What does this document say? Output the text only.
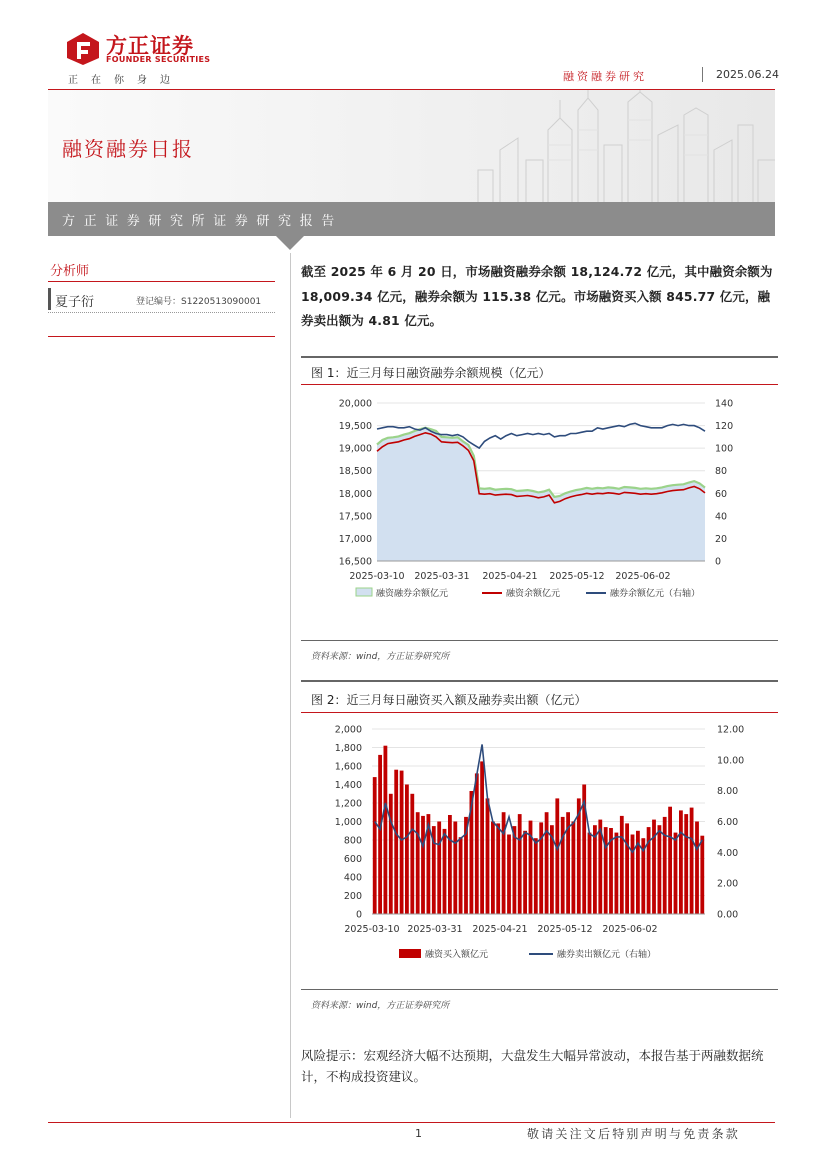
方正证券
FOUNDER SECURITIES
正在你身边	融资融券研究	2025.06.24
融资融券日报
方正证券研究所证券研究报告
分析师
夏子衍	登记编号：S1220513090001
截至 2025 年 6 月 20 日，市场融资融券余额 18,124.72 亿元，其中融资余额为 18,009.34 亿元，融券余额为 115.38 亿元。市场融资买入额 845.77 亿元，融券卖出额为 4.81 亿元。
图 1：近三月每日融资融券余额规模（亿元）
20,000
19,500
19,000
18,500
18,000
17,500
17,000
16,500
140
120
100
80
60
40
20
0
2025-03-10 2025-03-31 2025-04-21 2025-05-12 2025-06-02
融资融券余额亿元	融资余额亿元	融券余额亿元（右轴）
资料来源：wind，方正证券研究所
图 2：近三月每日融资买入额及融券卖出额（亿元）
2,000
1,800
1,600
1,400
1,200
1,000
800
600
400
200
0
12.00
10.00
8.00
6.00
4.00
2.00
0.00
2025-03-10 2025-03-31 2025-04-21 2025-05-12 2025-06-02
融资买入额亿元	融券卖出额亿元（右轴）
资料来源：wind，方正证券研究所
风险提示：宏观经济大幅不达预期，大盘发生大幅异常波动，本报告基于两融数据统计，不构成投资建议。
1	敬请关注文后特别声明与免责条款
